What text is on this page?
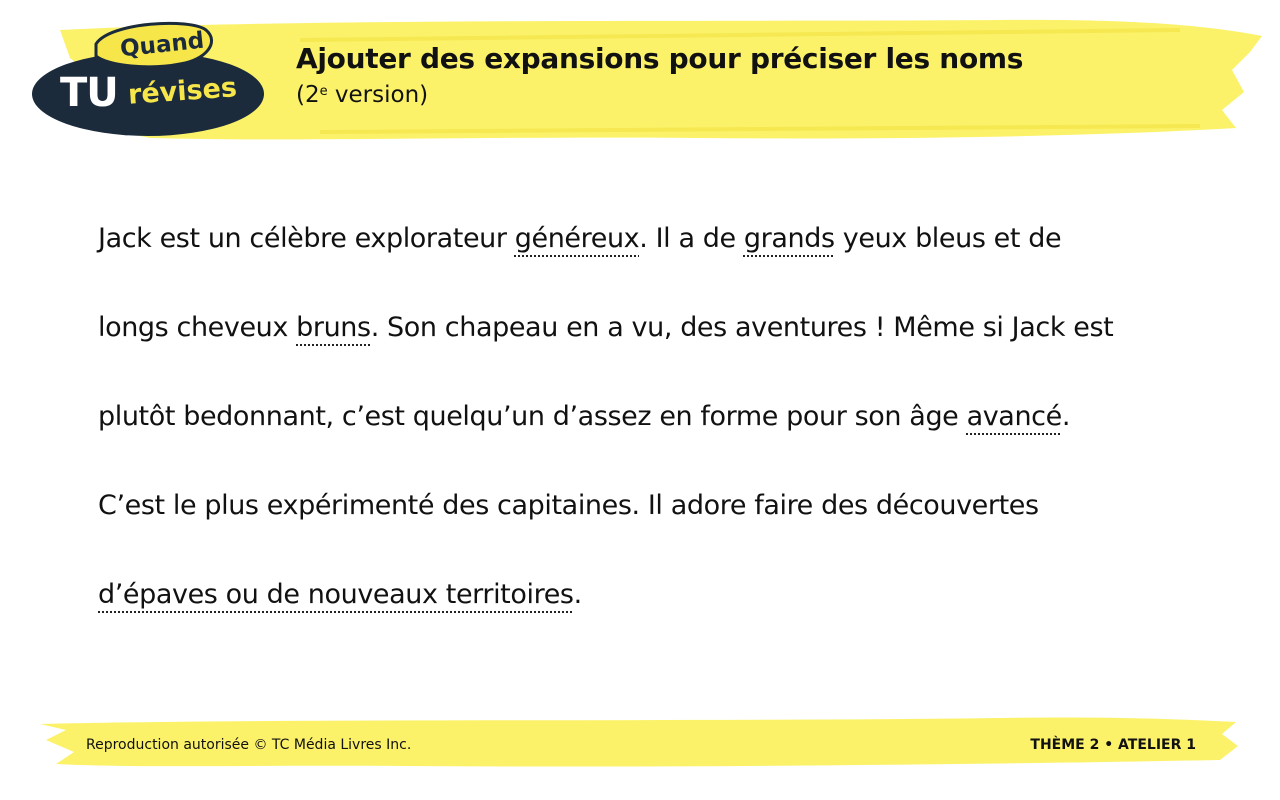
Quand
TU révises
Ajouter des expansions pour préciser les noms
(2e version)
Jack est un célèbre explorateur généreux. Il a de grands yeux bleus et de
longs cheveux bruns. Son chapeau en a vu, des aventures ! Même si Jack est
plutôt bedonnant, c’est quelqu’un d’assez en forme pour son âge avancé.
C’est le plus expérimenté des capitaines. Il adore faire des découvertes
d’épaves ou de nouveaux territoires.
Reproduction autorisée © TC Média Livres Inc.	THÈME 2 • ATELIER 1
